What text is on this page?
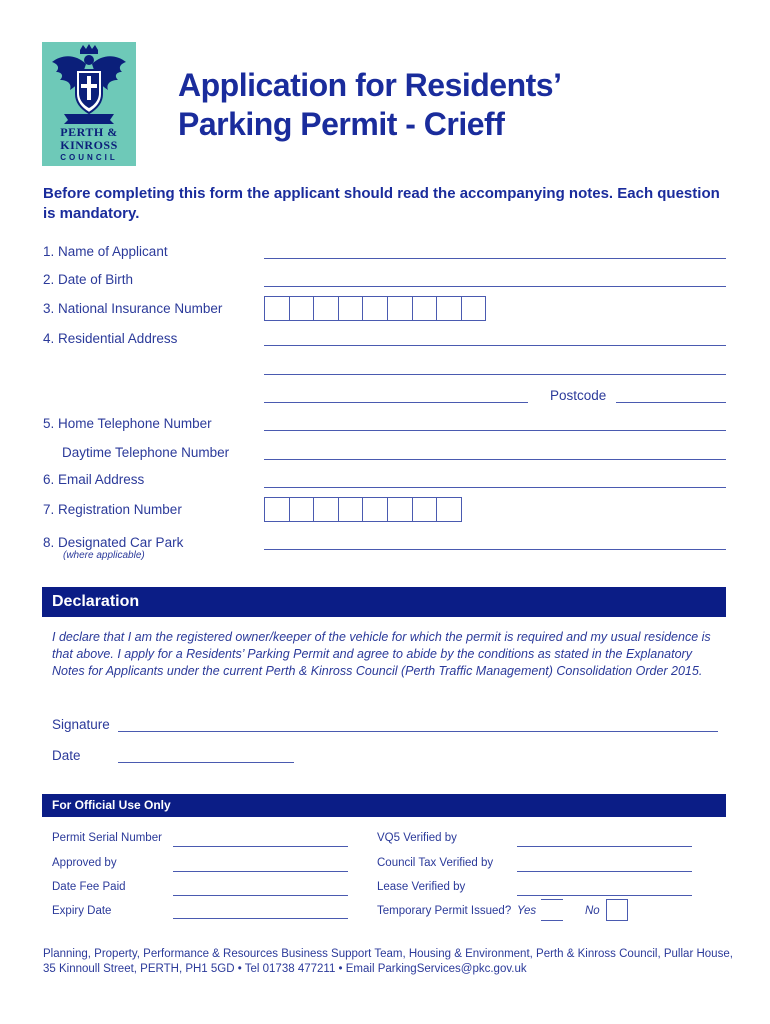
PERTH &
KINROSS
COUNCIL
Application for Residents’
Parking Permit - Crieff
Before completing this form the applicant should read the accompanying notes. Each question is mandatory.
1. Name of Applicant
2. Date of Birth
3. National Insurance Number
4. Residential Address
Postcode
5. Home Telephone Number
Daytime Telephone Number
6. Email Address
7. Registration Number
8. Designated Car Park
(where applicable)
Declaration
I declare that I am the registered owner/keeper of the vehicle for which the permit is required and my usual residence is that above. I apply for a Residents’ Parking Permit and agree to abide by the conditions as stated in the Explanatory Notes for Applicants under the current Perth & Kinross Council (Perth Traffic Management) Consolidation Order 2015.
Signature
Date
For Official Use Only
Permit Serial Number
Approved by
Date Fee Paid
Expiry Date
VQ5 Verified by
Council Tax Verified by
Lease Verified by
Temporary Permit Issued? Yes	No
Planning, Property, Performance & Resources Business Support Team, Housing & Environment, Perth & Kinross Council, Pullar House,
35 Kinnoull Street, PERTH, PH1 5GD • Tel 01738 477211 • Email ParkingServices@pkc.gov.uk
